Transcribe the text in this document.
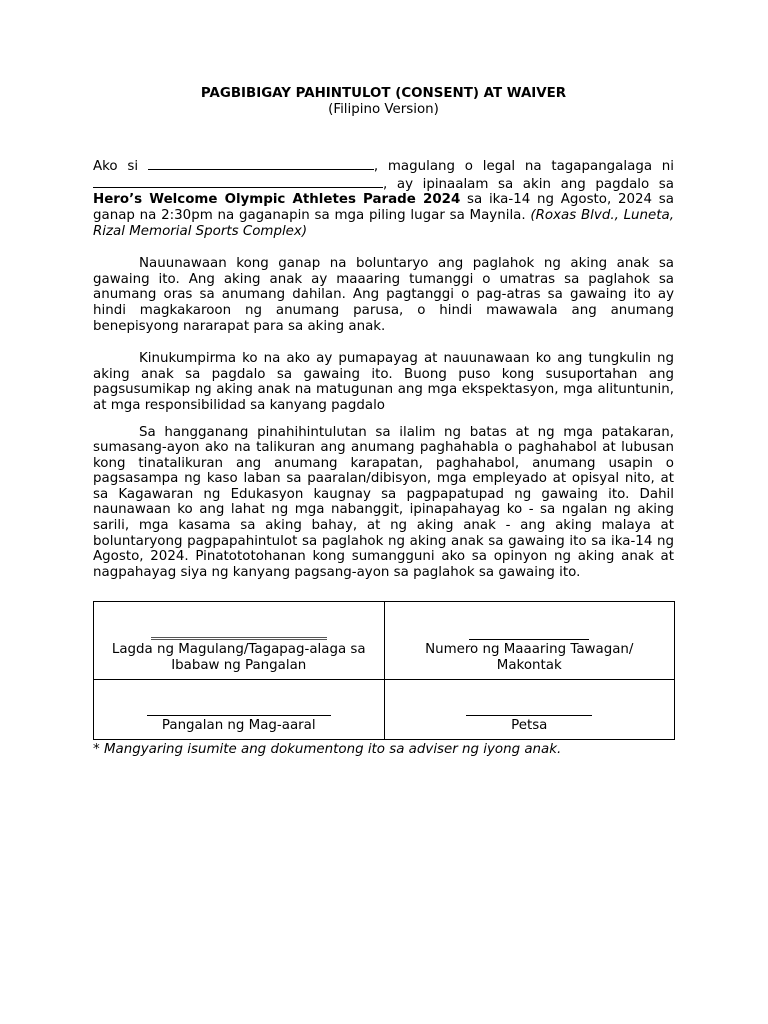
PAGBIBIGAY PAHINTULOT (CONSENT) AT WAIVER

(Filipino Version)

Ako si	, magulang o legal na tagapangalaga ni , ay ipinaalam sa akin ang pagdalo sa Hero’s Welcome Olympic Athletes Parade 2024 sa ika-14 ng Agosto, 2024 sa ganap na 2:30pm na gaganapin sa mga piling lugar sa Maynila. (Roxas Blvd., Luneta, Rizal Memorial Sports Complex)

Nauunawaan kong ganap na boluntaryo ang paglahok ng aking anak sa gawaing ito. Ang aking anak ay maaaring tumanggi o umatras sa paglahok sa anumang oras sa anumang dahilan. Ang pagtanggi o pag-atras sa gawaing ito ay hindi magkakaroon ng anumang parusa, o hindi mawawala ang anumang benepisyong nararapat para sa aking anak.

Kinukumpirma ko na ako ay pumapayag at nauunawaan ko ang tungkulin ng aking anak sa pagdalo sa gawaing ito. Buong puso kong susuportahan ang pagsusumikap ng aking anak na matugunan ang mga ekspektasyon, mga alituntunin, at mga responsibilidad sa kanyang pagdalo

Sa hangganang pinahihintulutan sa ilalim ng batas at ng mga patakaran, sumasang-ayon ako na talikuran ang anumang paghahabla o paghahabol at lubusan kong tinatalikuran ang anumang karapatan, paghahabol, anumang usapin o pagsasampa ng kaso laban sa paaralan/dibisyon, mga empleyado at opisyal nito, at sa Kagawaran ng Edukasyon kaugnay sa pagpapatupad ng gawaing ito. Dahil naunawaan ko ang lahat ng mga nabanggit, ipinapahayag ko - sa ngalan ng aking sarili, mga kasama sa aking bahay, at ng aking anak - ang aking malaya at boluntaryong pagpapahintulot sa paglahok ng aking anak sa gawaing ito sa ika-14 ng Agosto, 2024. Pinatototohanan kong sumangguni ako sa opinyon ng aking anak at nagpahayag siya ng kanyang pagsang-ayon sa paglahok sa gawaing ito.

Lagda ng Magulang/Tagapag-alaga sa Ibabaw ng Pangalan	Numero ng Maaaring Tawagan/ Makontak

Pangalan ng Mag-aaral	Petsa

* Mangyaring isumite ang dokumentong ito sa adviser ng iyong anak.
